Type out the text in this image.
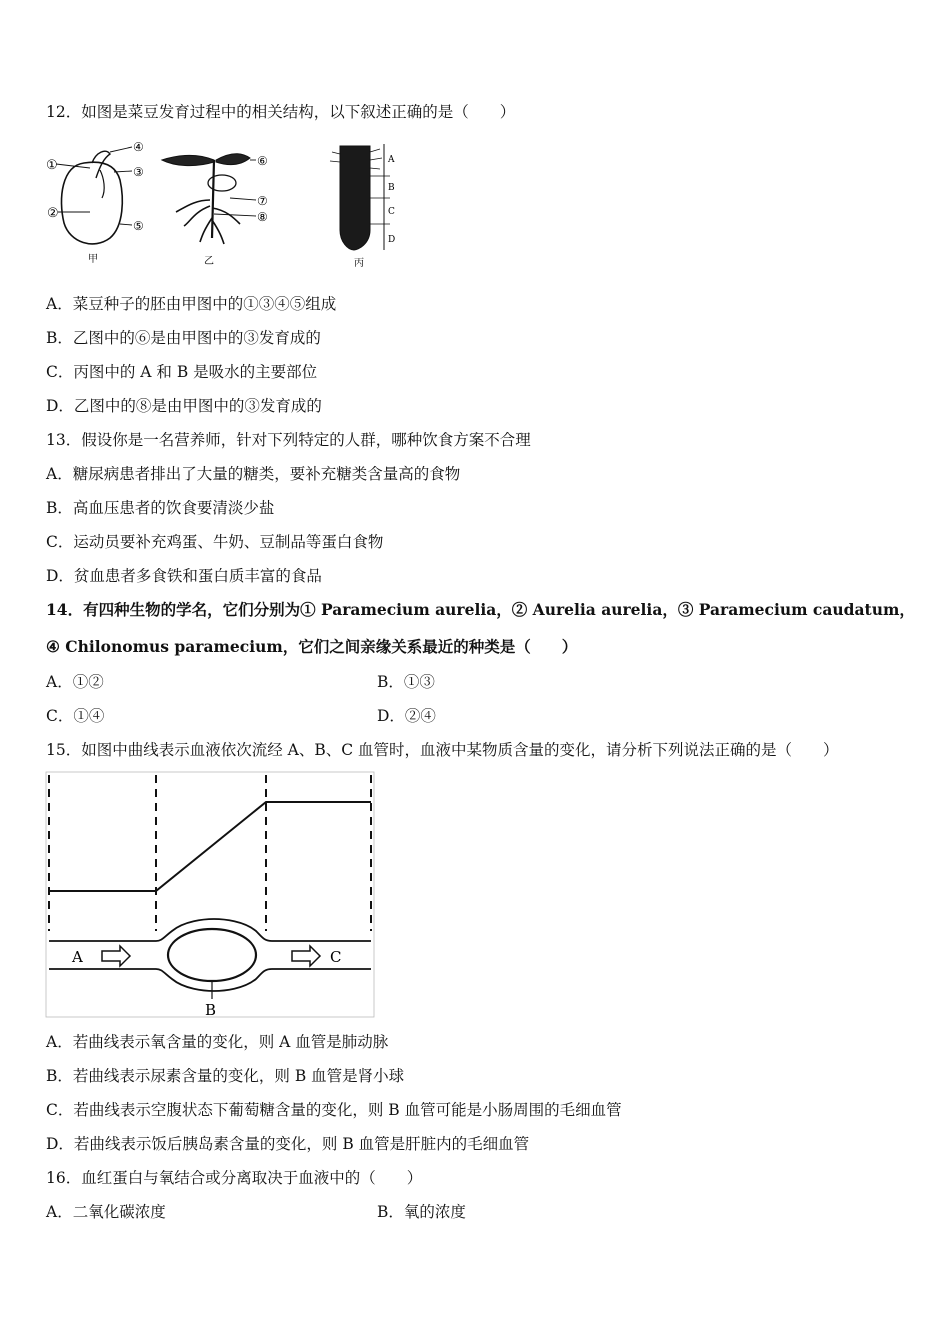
12．如图是菜豆发育过程中的相关结构，以下叙述正确的是（　　）
①
②
③
④
⑤
甲
⑥
⑦
⑧
乙
A
B
C
D
丙
A．菜豆种子的胚由甲图中的①③④⑤组成
B．乙图中的⑥是由甲图中的③发育成的
C．丙图中的 A 和 B 是吸水的主要部位
D．乙图中的⑧是由甲图中的③发育成的
13．假设你是一名营养师，针对下列特定的人群，哪种饮食方案不合理
A．糖尿病患者排出了大量的糖类，要补充糖类含量高的食物
B．高血压患者的饮食要清淡少盐
C．运动员要补充鸡蛋、牛奶、豆制品等蛋白食物
D．贫血患者多食铁和蛋白质丰富的食品
14．有四种生物的学名，它们分别为① Paramecium aurelia，② Aurelia aurelia，③ Paramecium caudatum，
④ Chilonomus paramecium，它们之间亲缘关系最近的种类是（　　）
A．①②	B．①③
C．①④	D．②④
15．如图中曲线表示血液依次流经 A、B、C 血管时，血液中某物质含量的变化，请分析下列说法正确的是（　　）
A	C
B
A．若曲线表示氧含量的变化，则 A 血管是肺动脉
B．若曲线表示尿素含量的变化，则 B 血管是肾小球
C．若曲线表示空腹状态下葡萄糖含量的变化，则 B 血管可能是小肠周围的毛细血管
D．若曲线表示饭后胰岛素含量的变化，则 B 血管是肝脏内的毛细血管
16．血红蛋白与氧结合或分离取决于血液中的（　　）
A．二氧化碳浓度	B．氧的浓度
